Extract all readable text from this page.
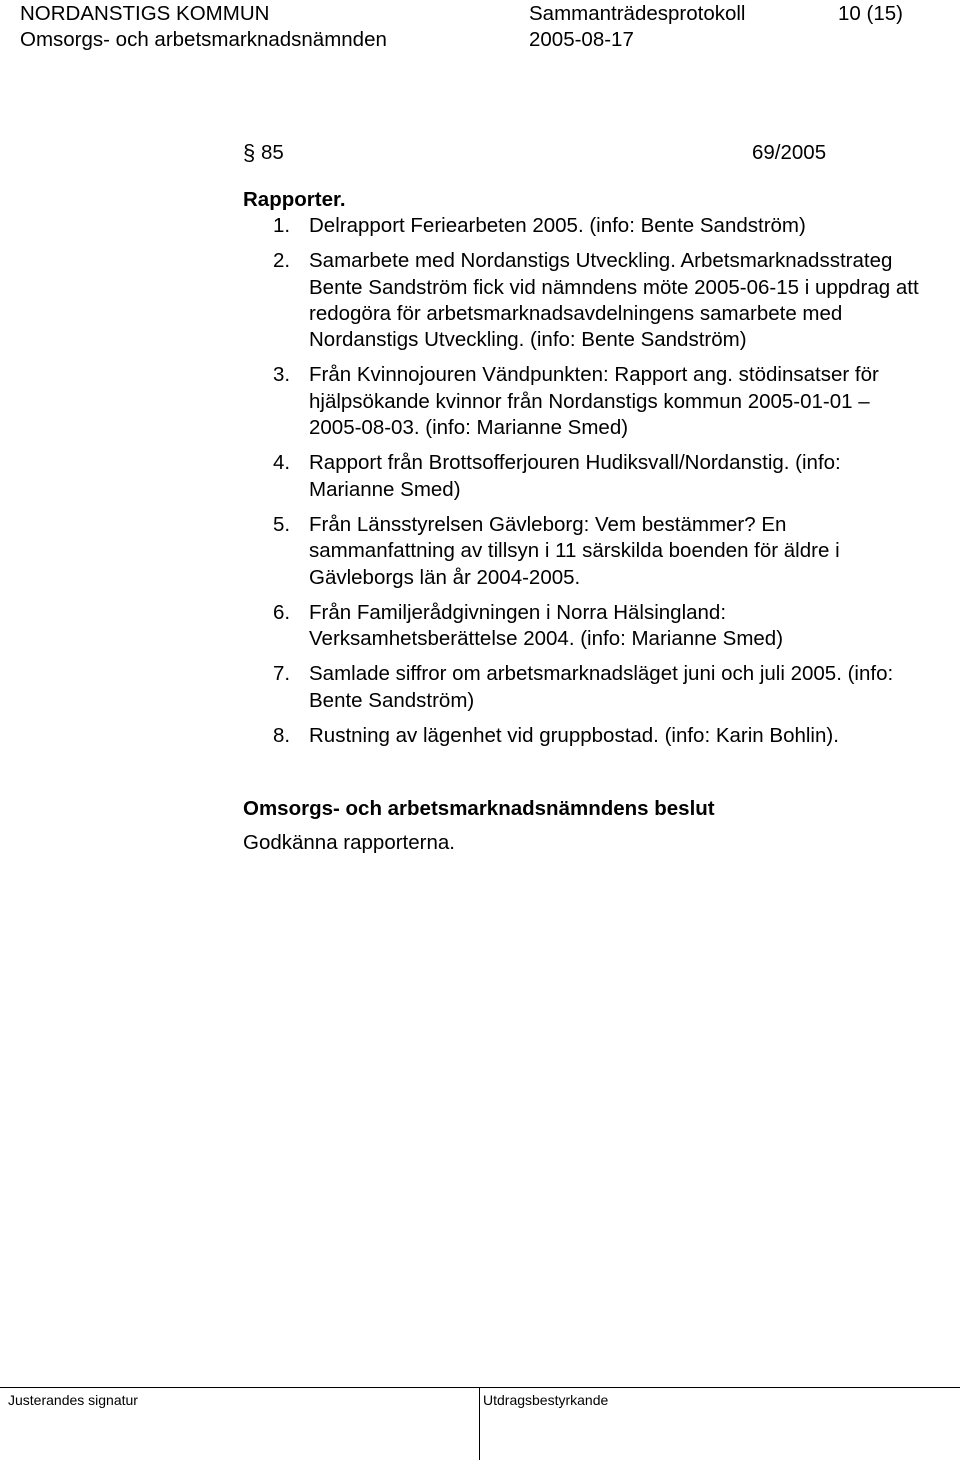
NORDANSTIGS KOMMUN	Sammanträdesprotokoll	10 (15)
Omsorgs- och arbetsmarknadsnämnden	2005-08-17
§ 85	69/2005
Rapporter.
1. Delrapport Feriearbeten 2005. (info: Bente Sandström)
2. Samarbete med Nordanstigs Utveckling. Arbetsmarknadsstrateg Bente Sandström fick vid nämndens möte 2005-06-15 i uppdrag att redogöra för arbetsmarknadsavdelningens samarbete med Nordanstigs Utveckling. (info: Bente Sandström)
3. Från Kvinnojouren Vändpunkten: Rapport ang. stödinsatser för hjälpsökande kvinnor från Nordanstigs kommun 2005-01-01 – 2005-08-03. (info: Marianne Smed)
4. Rapport från Brottsofferjouren Hudiksvall/Nordanstig. (info: Marianne Smed)
5. Från Länsstyrelsen Gävleborg: Vem bestämmer? En sammanfattning av tillsyn i 11 särskilda boenden för äldre i Gävleborgs län år 2004-2005.
6. Från Familjerådgivningen i Norra Hälsingland: Verksamhetsberättelse 2004. (info: Marianne Smed)
7. Samlade siffror om arbetsmarknadsläget juni och juli 2005. (info: Bente Sandström)
8. Rustning av lägenhet vid gruppbostad. (info: Karin Bohlin).
Omsorgs- och arbetsmarknadsnämndens beslut
Godkänna rapporterna.
Justerandes signatur	Utdragsbestyrkande
